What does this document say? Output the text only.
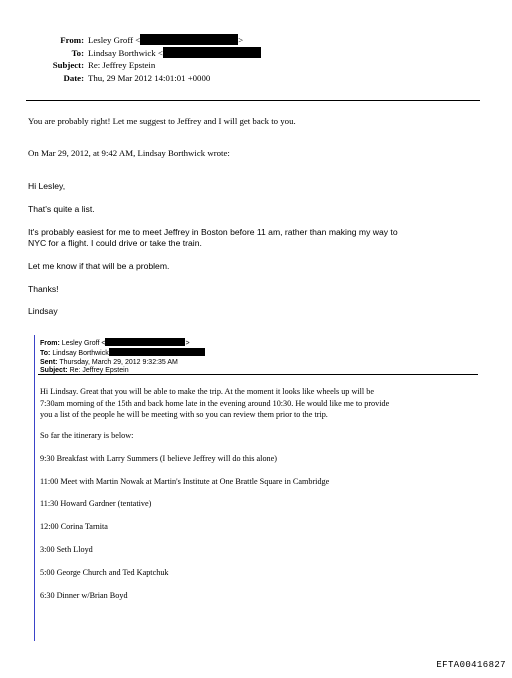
From: Lesley Groff <	>
To: Lindsay Borthwick <
Subject: Re: Jeffrey Epstein
Date: Thu, 29 Mar 2012 14:01:01 +0000
You are probably right! Let me suggest to Jeffrey and I will get back to you.
On Mar 29, 2012, at 9:42 AM, Lindsay Borthwick wrote:
Hi Lesley,
That's quite a list.
It's probably easiest for me to meet Jeffrey in Boston before 11 am, rather than making my way to
NYC for a flight. I could drive or take the train.
Let me know if that will be a problem.
Thanks!
Lindsay
From: Lesley Groff <	>
To: Lindsay Borthwick
Sent: Thursday, March 29, 2012 9:32:35 AM
Subject: Re: Jeffrey Epstein
Hi Lindsay. Great that you will be able to make the trip. At the moment it looks like wheels up will be
7:30am morning of the 15th and back home late in the evening around 10:30. He would like me to provide
you a list of the people he will be meeting with so you can review them prior to the trip.
So far the itinerary is below:
9:30 Breakfast with Larry Summers (I believe Jeffrey will do this alone)
11:00 Meet with Martin Nowak at Martin's Institute at One Brattle Square in Cambridge
11:30 Howard Gardner (tentative)
12:00 Corina Tarnita
3:00 Seth Lloyd
5:00 George Church and Ted Kaptchuk
6:30 Dinner w/Brian Boyd
EFTA00416827
